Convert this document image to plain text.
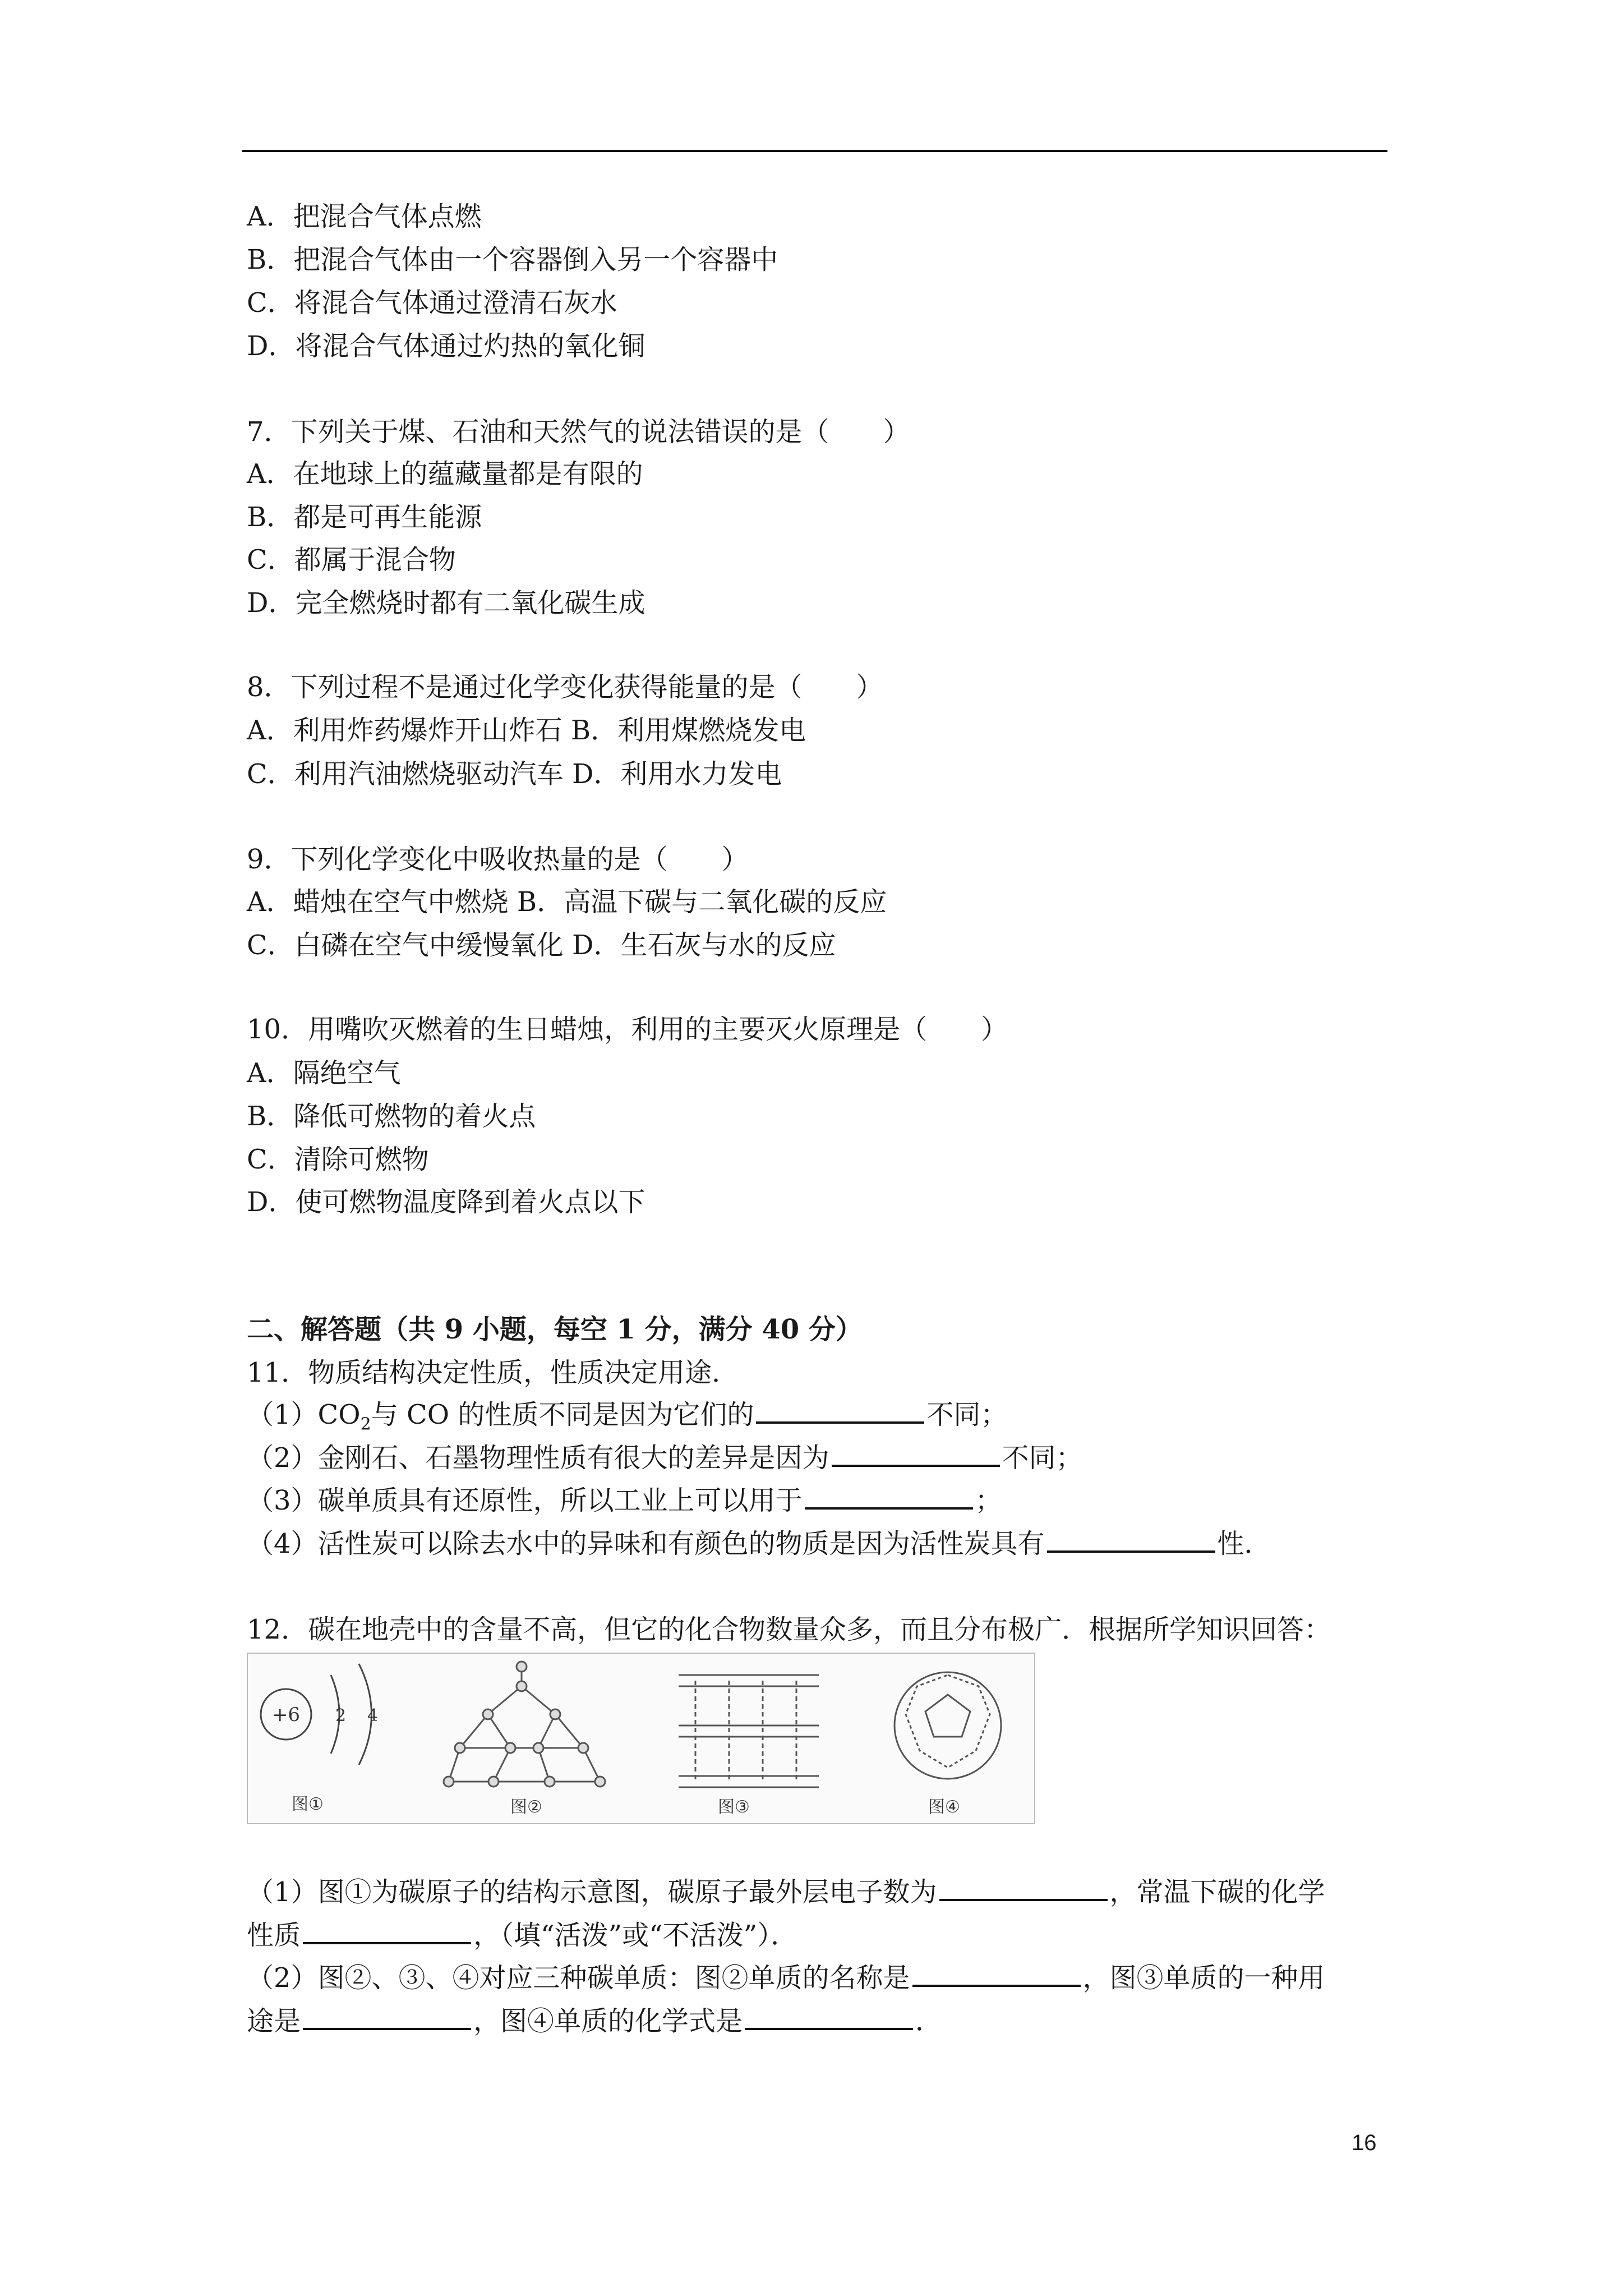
A．把混合气体点燃
B．把混合气体由一个容器倒入另一个容器中
C．将混合气体通过澄清石灰水
D．将混合气体通过灼热的氧化铜
7．下列关于煤、石油和天然气的说法错误的是（　　）
A．在地球上的蕴藏量都是有限的
B．都是可再生能源
C．都属于混合物
D．完全燃烧时都有二氧化碳生成
8．下列过程不是通过化学变化获得能量的是（　　）
A．利用炸药爆炸开山炸石 B．利用煤燃烧发电
C．利用汽油燃烧驱动汽车 D．利用水力发电
9．下列化学变化中吸收热量的是（　　）
A．蜡烛在空气中燃烧 B．高温下碳与二氧化碳的反应
C．白磷在空气中缓慢氧化 D．生石灰与水的反应
10．用嘴吹灭燃着的生日蜡烛，利用的主要灭火原理是（　　）
A．隔绝空气
B．降低可燃物的着火点
C．清除可燃物
D．使可燃物温度降到着火点以下
二、解答题（共 9 小题，每空 1 分，满分 40 分）
11．物质结构决定性质，性质决定用途．
$(1)CO_2$与 CO 的性质不同是因为它们的	不同；
（2）金刚石、石墨物理性质有很大的差异是因为	不同；
（3）碳单质具有还原性，所以工业上可以用于	；
（4）活性炭可以除去水中的异味和有颜色的物质是因为活性炭具有	性．
12．碳在地壳中的含量不高，但它的化合物数量众多，而且分布极广．根据所学知识回答：
+6 2 4
图①	图②	图③	图④
（1）图①为碳原子的结构示意图，碳原子最外层电子数为	，常温下碳的化学
性质	，（填“活泼”或“不活泼”）．
（2）图②、③、④对应三种碳单质：图②单质的名称是	，图③单质的一种用
途是	，图④单质的化学式是	．
16
